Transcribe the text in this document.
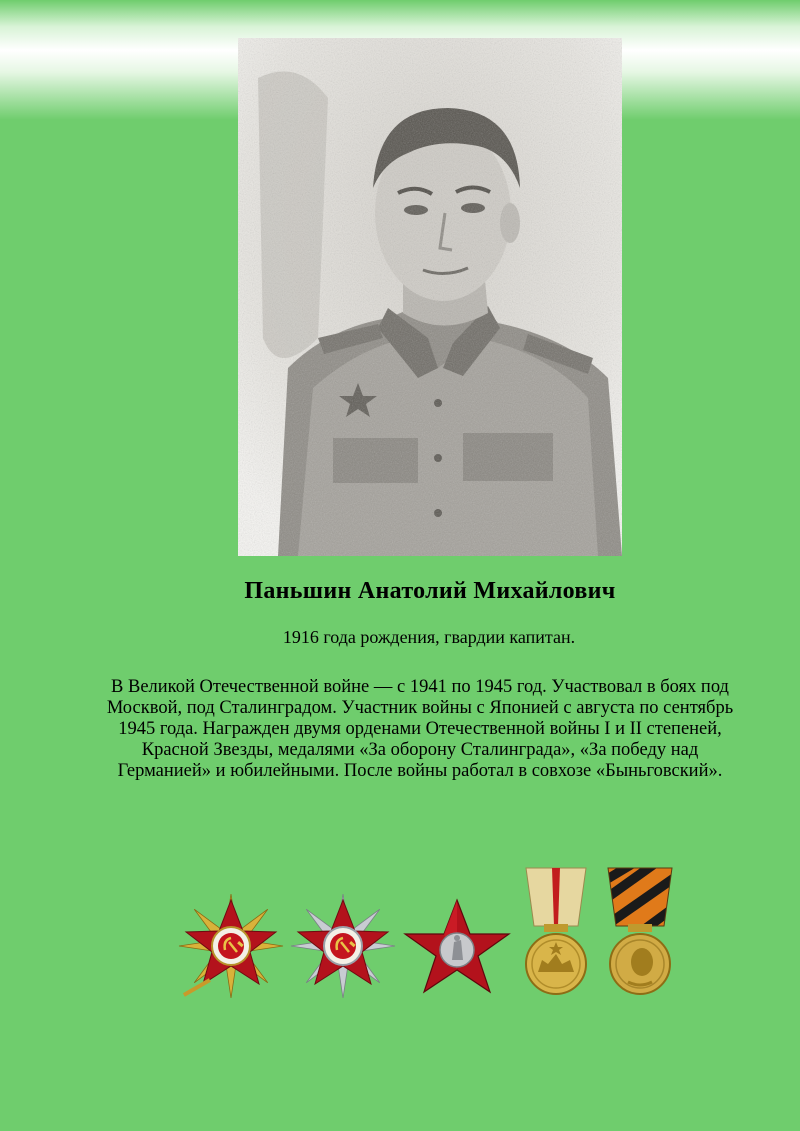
Паньшин Анатолий Михайлович
1916 года рождения, гвардии капитан.
В Великой Отечественной войне — с 1941 по 1945 год. Участвовал в боях под Москвой, под Сталинградом. Участник войны с Японией с августа по сентябрь 1945 года. Награжден двумя орденами Отечественной войны I и II степеней, Красной Звезды, медалями «За оборону Сталинграда», «За победу над Германией» и юбилейными. После войны работал в совхозе «Быньговский».
